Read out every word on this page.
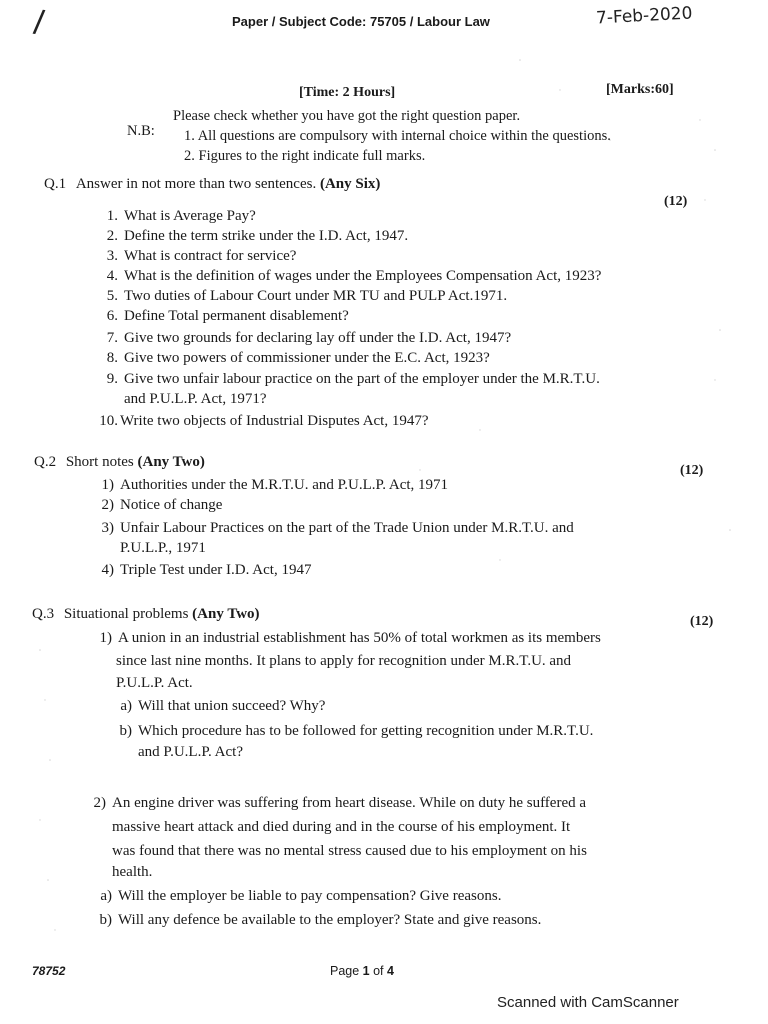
/	Paper / Subject Code: 75705 / Labour Law	7-Feb-2020
[Time: 2 Hours]	[Marks:60]
Please check whether you have got the right question paper.
N.B: 1. All questions are compulsory with internal choice within the questions.
2. Figures to the right indicate full marks.
Q.1 Answer in not more than two sentences. (Any Six)
(12)
1. What is Average Pay?
2. Define the term strike under the I.D. Act, 1947.
3. What is contract for service?
4. What is the definition of wages under the Employees Compensation Act, 1923?
5. Two duties of Labour Court under MR TU and PULP Act.1971.
6. Define Total permanent disablement?
7. Give two grounds for declaring lay off under the I.D. Act, 1947?
8. Give two powers of commissioner under the E.C. Act, 1923?
9. Give two unfair labour practice on the part of the employer under the M.R.T.U.
and P.U.L.P. Act, 1971?
10. Write two objects of Industrial Disputes Act, 1947?
Q.2 Short notes (Any Two)
(12)
1) Authorities under the M.R.T.U. and P.U.L.P. Act, 1971
2) Notice of change
3) Unfair Labour Practices on the part of the Trade Union under M.R.T.U. and
P.U.L.P., 1971
4) Triple Test under I.D. Act, 1947
Q.3 Situational problems (Any Two)	(12)
1) A union in an industrial establishment has 50% of total workmen as its members
since last nine months. It plans to apply for recognition under M.R.T.U. and
P.U.L.P. Act.
a) Will that union succeed? Why?
b) Which procedure has to be followed for getting recognition under M.R.T.U.
and P.U.L.P. Act?
2) An engine driver was suffering from heart disease. While on duty he suffered a
massive heart attack and died during and in the course of his employment. It
was found that there was no mental stress caused due to his employment on his
health.
a) Will the employer be liable to pay compensation? Give reasons.
b) Will any defence be available to the employer? State and give reasons.
78752	Page 1 of 4
Scanned with CamScanner
